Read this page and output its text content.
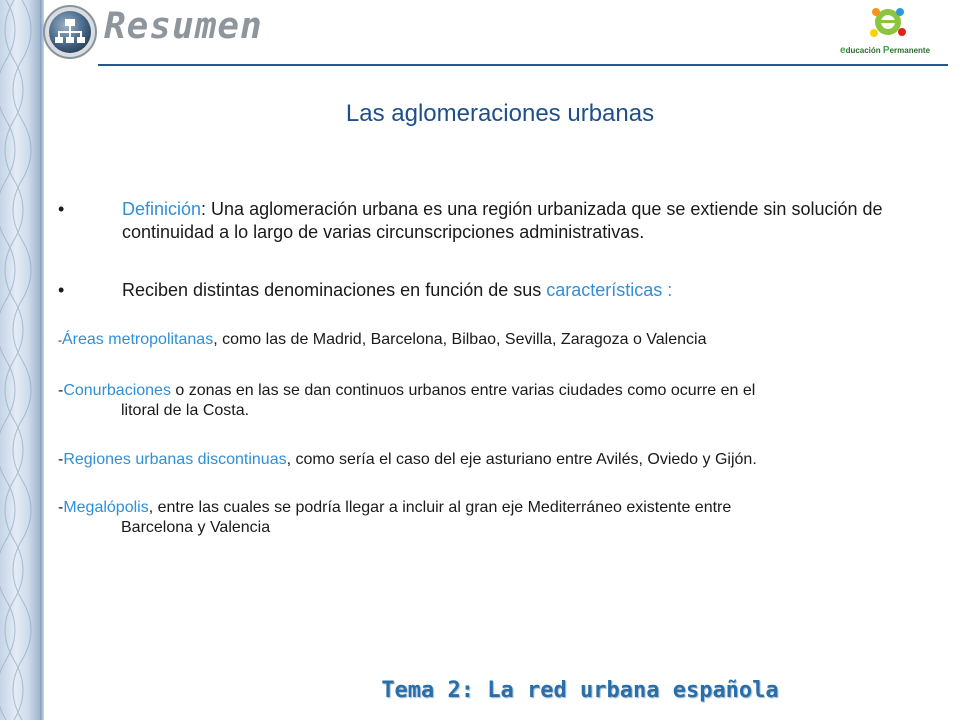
Resumen
educación Permanente
Las aglomeraciones urbanas
•	Definición: Una aglomeración urbana es una región urbanizada que se extiende sin solución de continuidad a lo largo de varias circunscripciones administrativas.
•	Reciben distintas denominaciones en función de sus características :
-Áreas metropolitanas, como las de Madrid, Barcelona, Bilbao, Sevilla, Zaragoza o Valencia
-Conurbaciones o zonas en las se dan continuos urbanos entre varias ciudades como ocurre en el
litoral de la Costa.
-Regiones urbanas discontinuas, como sería el caso del eje asturiano entre Avilés, Oviedo y Gijón.
-Megalópolis, entre las cuales se podría llegar a incluir al gran eje Mediterráneo existente entre
Barcelona y Valencia
Tema 2: La red urbana española
